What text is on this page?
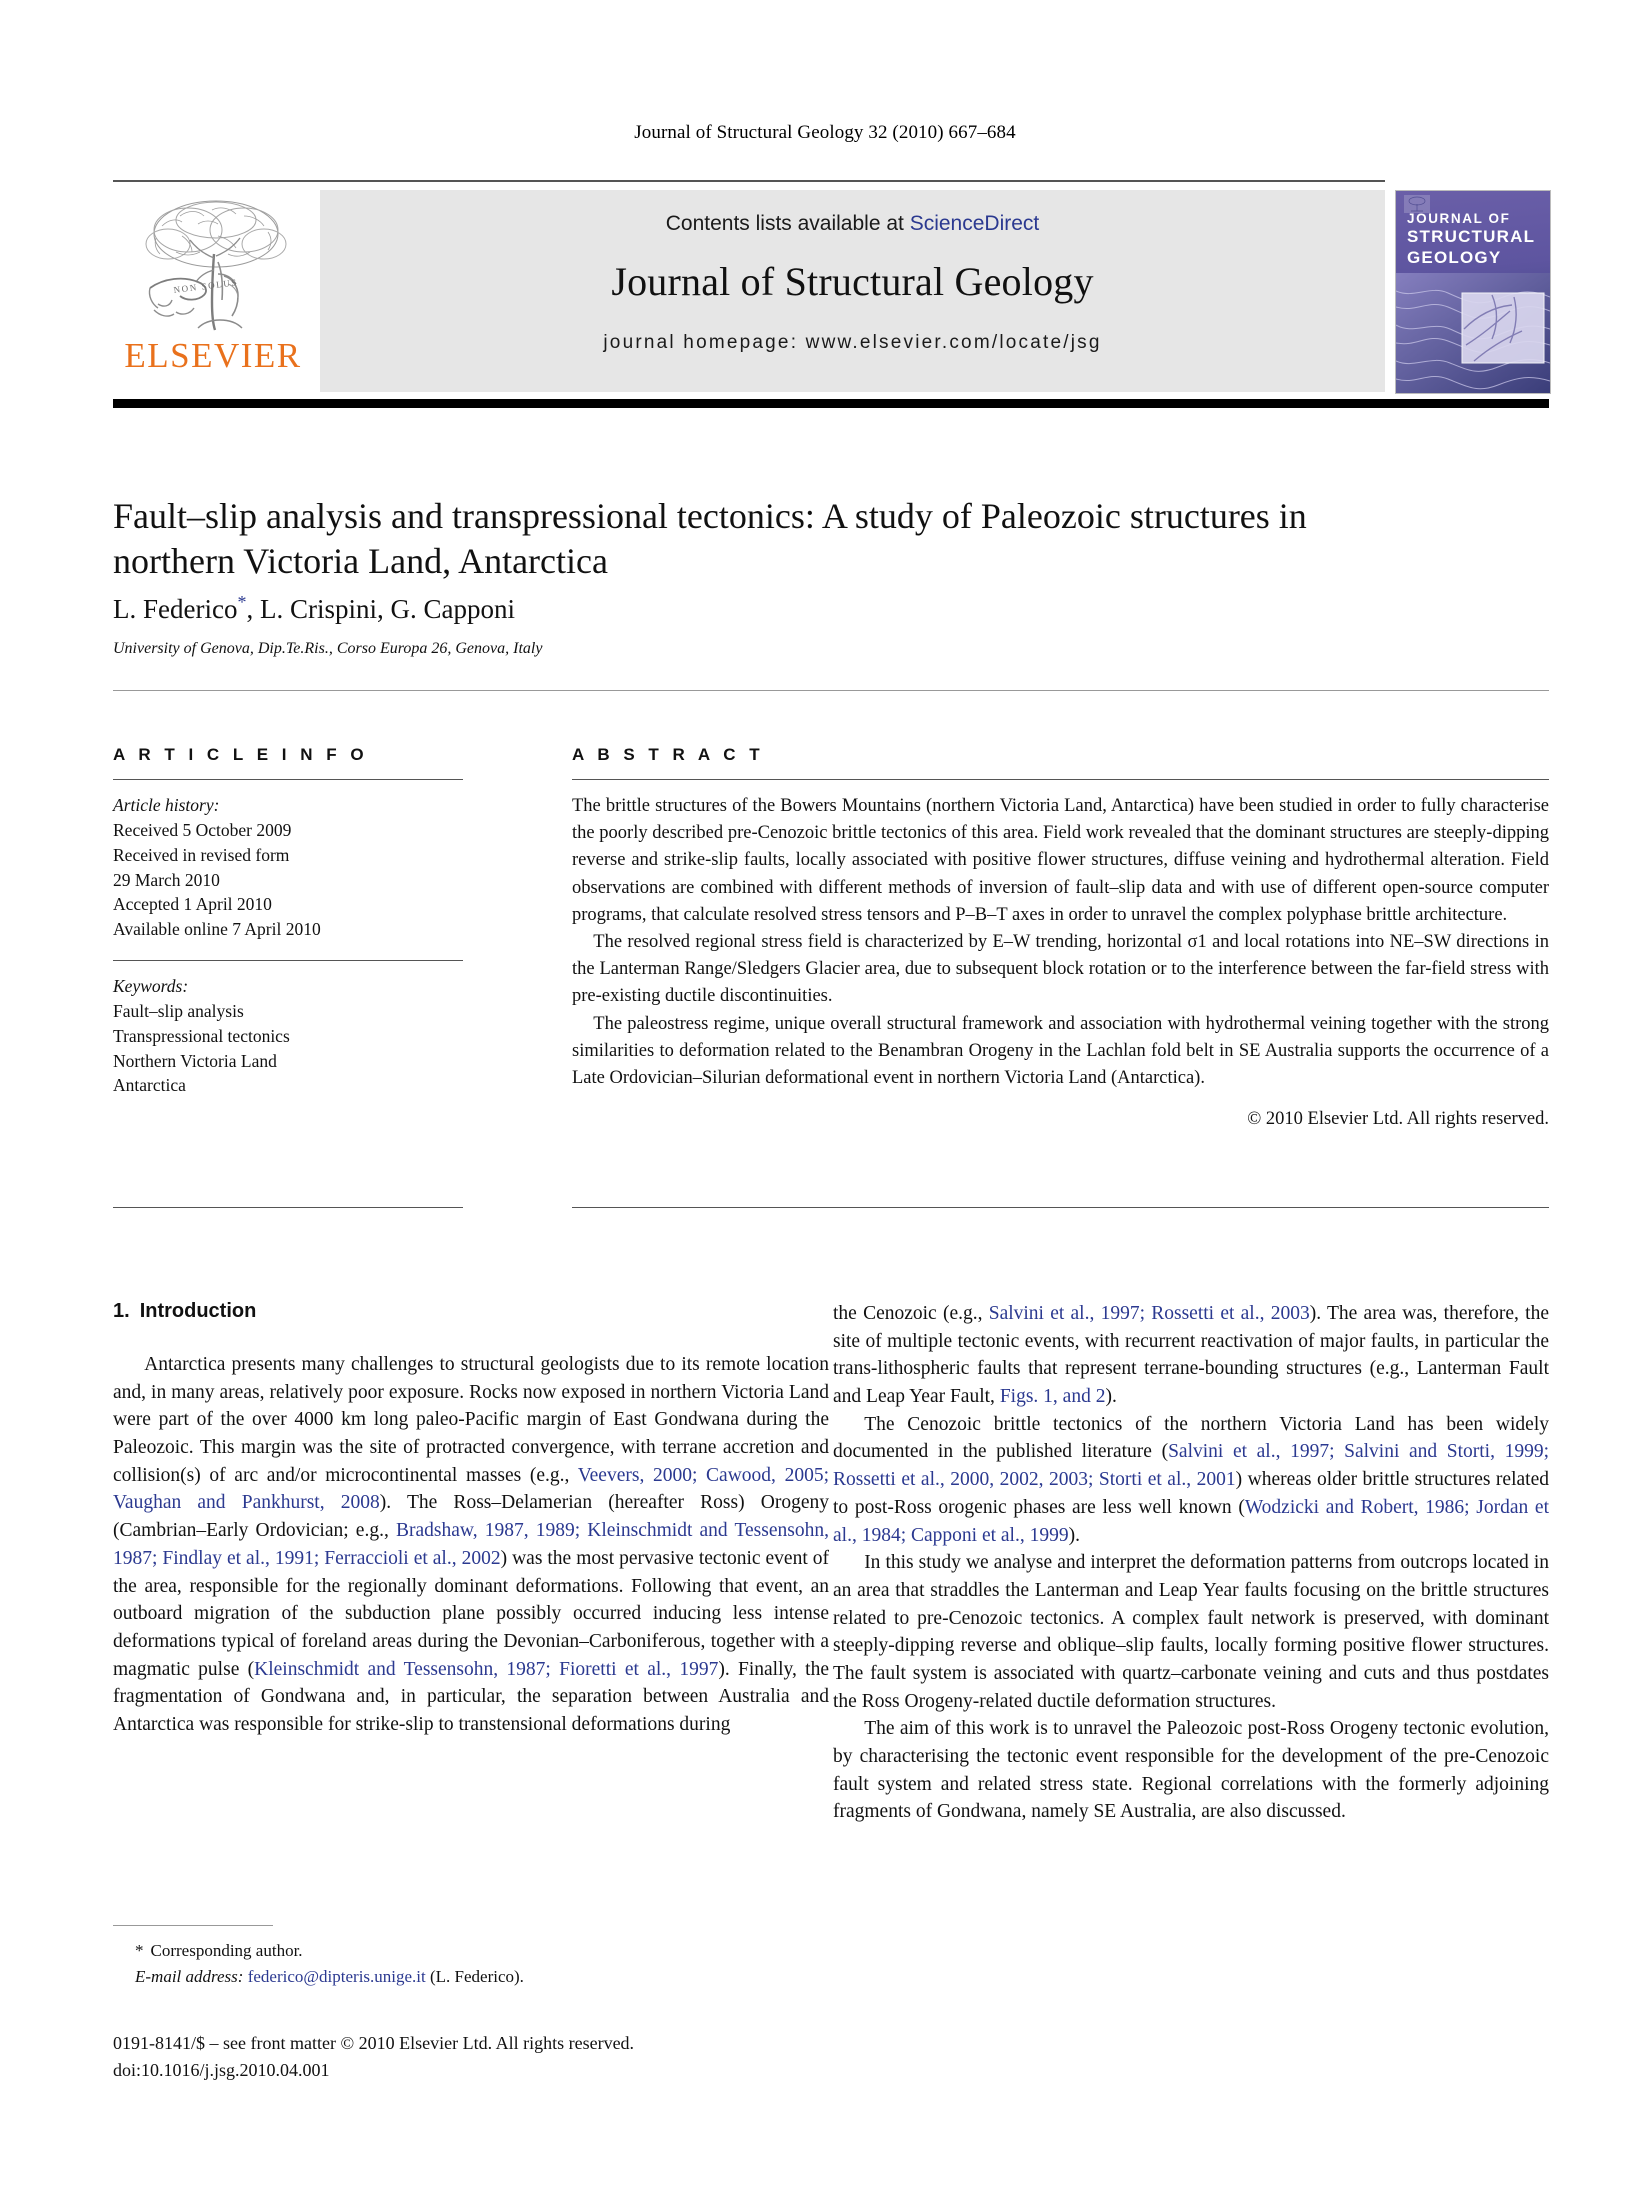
Journal of Structural Geology 32 (2010) 667–684
NON SOLUS
ELSEVIER
Contents lists available at ScienceDirect
Journal of Structural Geology
journal homepage: www.elsevier.com/locate/jsg
JOURNAL OF
STRUCTURAL
GEOLOGY
Fault–slip analysis and transpressional tectonics: A study of Paleozoic structures in northern Victoria Land, Antarctica
L. Federico*, L. Crispini, G. Capponi
University of Genova, Dip.Te.Ris., Corso Europa 26, Genova, Italy
A R T I C L E I N F O
Article history:
Received 5 October 2009
Received in revised form
29 March 2010
Accepted 1 April 2010
Available online 7 April 2010
Keywords:
Fault–slip analysis
Transpressional tectonics
Northern Victoria Land
Antarctica
A B S T R A C T

The brittle structures of the Bowers Mountains (northern Victoria Land, Antarctica) have been studied in order to fully characterise the poorly described pre-Cenozoic brittle tectonics of this area. Field work revealed that the dominant structures are steeply-dipping reverse and strike-slip faults, locally associated with positive flower structures, diffuse veining and hydrothermal alteration. Field observations are combined with different methods of inversion of fault–slip data and with use of different open-source computer programs, that calculate resolved stress tensors and P–B–T axes in order to unravel the complex polyphase brittle architecture.

The resolved regional stress field is characterized by E–W trending, horizontal σ1 and local rotations into NE–SW directions in the Lanterman Range/Sledgers Glacier area, due to subsequent block rotation or to the interference between the far-field stress with pre-existing ductile discontinuities.

The paleostress regime, unique overall structural framework and association with hydrothermal veining together with the strong similarities to deformation related to the Benambran Orogeny in the Lachlan fold belt in SE Australia supports the occurrence of a Late Ordovician–Silurian deformational event in northern Victoria Land (Antarctica).

© 2010 Elsevier Ltd. All rights reserved.
1. Introduction

Antarctica presents many challenges to structural geologists due to its remote location and, in many areas, relatively poor exposure. Rocks now exposed in northern Victoria Land were part of the over 4000 km long paleo-Pacific margin of East Gondwana during the Paleozoic. This margin was the site of protracted convergence, with terrane accretion and collision(s) of arc and/or microcontinental masses (e.g., Veevers, 2000; Cawood, 2005; Vaughan and Pankhurst, 2008). The Ross–Delamerian (hereafter Ross) Orogeny (Cambrian–Early Ordovician; e.g., Bradshaw, 1987, 1989; Kleinschmidt and Tessensohn, 1987; Findlay et al., 1991; Ferraccioli et al., 2002) was the most pervasive tectonic event of the area, responsible for the regionally dominant deformations. Following that event, an outboard migration of the subduction plane possibly occurred inducing less intense deformations typical of foreland areas during the Devonian–Carboniferous, together with a magmatic pulse (Kleinschmidt and Tessensohn, 1987; Fioretti et al., 1997). Finally, the fragmentation of Gondwana and, in particular, the separation between Australia and Antarctica was responsible for strike-slip to transtensional deformations during

the Cenozoic (e.g., Salvini et al., 1997; Rossetti et al., 2003). The area was, therefore, the site of multiple tectonic events, with recurrent reactivation of major faults, in particular the trans-lithospheric faults that represent terrane-bounding structures (e.g., Lanterman Fault and Leap Year Fault, Figs. 1, and 2).

The Cenozoic brittle tectonics of the northern Victoria Land has been widely documented in the published literature (Salvini et al., 1997; Salvini and Storti, 1999; Rossetti et al., 2000, 2002, 2003; Storti et al., 2001) whereas older brittle structures related to post-Ross orogenic phases are less well known (Wodzicki and Robert, 1986; Jordan et al., 1984; Capponi et al., 1999).

In this study we analyse and interpret the deformation patterns from outcrops located in an area that straddles the Lanterman and Leap Year faults focusing on the brittle structures related to pre-Cenozoic tectonics. A complex fault network is preserved, with dominant steeply-dipping reverse and oblique–slip faults, locally forming positive flower structures. The fault system is associated with quartz–carbonate veining and cuts and thus postdates the Ross Orogeny-related ductile deformation structures.

The aim of this work is to unravel the Paleozoic post-Ross Orogeny tectonic evolution, by characterising the tectonic event responsible for the development of the pre-Cenozoic fault system and related stress state. Regional correlations with the formerly adjoining fragments of Gondwana, namely SE Australia, are also discussed.

* Corresponding author.
E-mail address: federico@dipteris.unige.it (L. Federico).
0191-8141/$ – see front matter © 2010 Elsevier Ltd. All rights reserved.
doi:10.1016/j.jsg.2010.04.001
